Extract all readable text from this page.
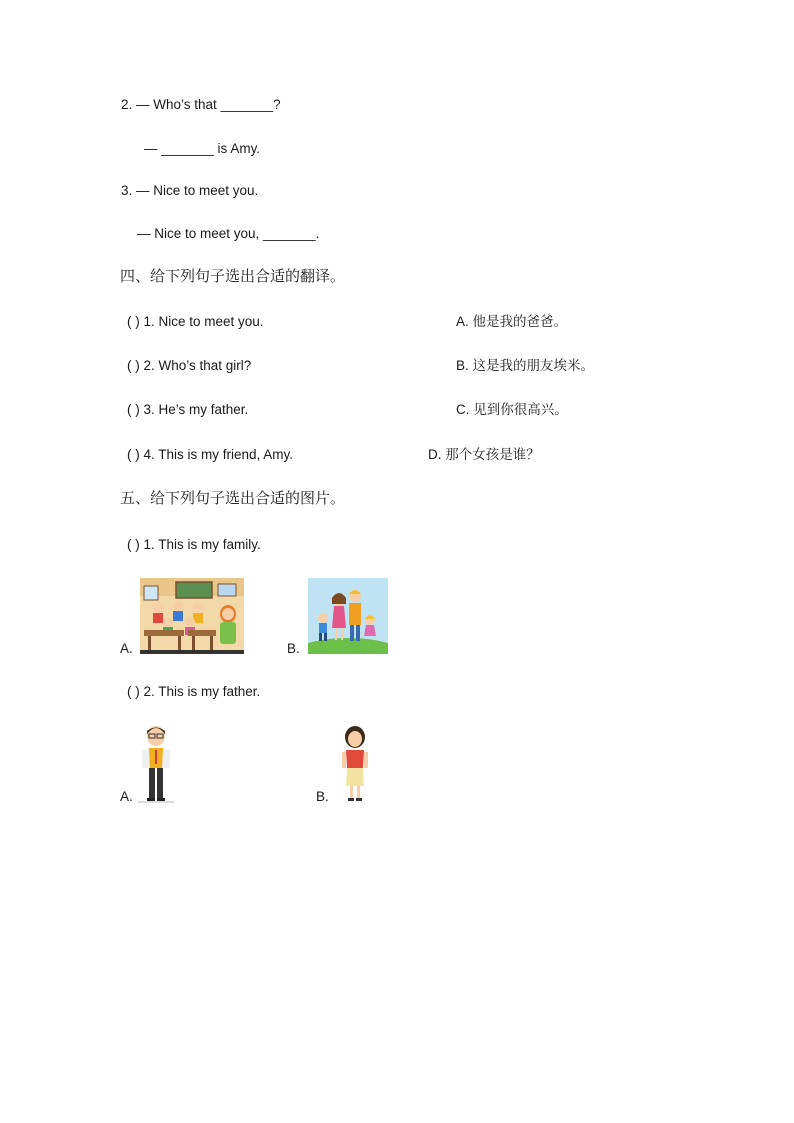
2. — Who’s that _______?
— _______ is Amy.
3. — Nice to meet you.
— Nice to meet you, _______.
四、给下列句子选出合适的翻译。
( ) 1. Nice to meet you.
( ) 2. Who’s that girl?
( ) 3. He’s my father.
( ) 4. This is my friend, Amy.
A. 他是我的爸爸。
B. 这是我的朋友埃米。
C. 见到你很高兴。
D. 那个女孩是谁？
五、给下列句子选出合适的图片。
( ) 1. This is my family.
A.	B.
( ) 2. This is my father.
A.	B.
